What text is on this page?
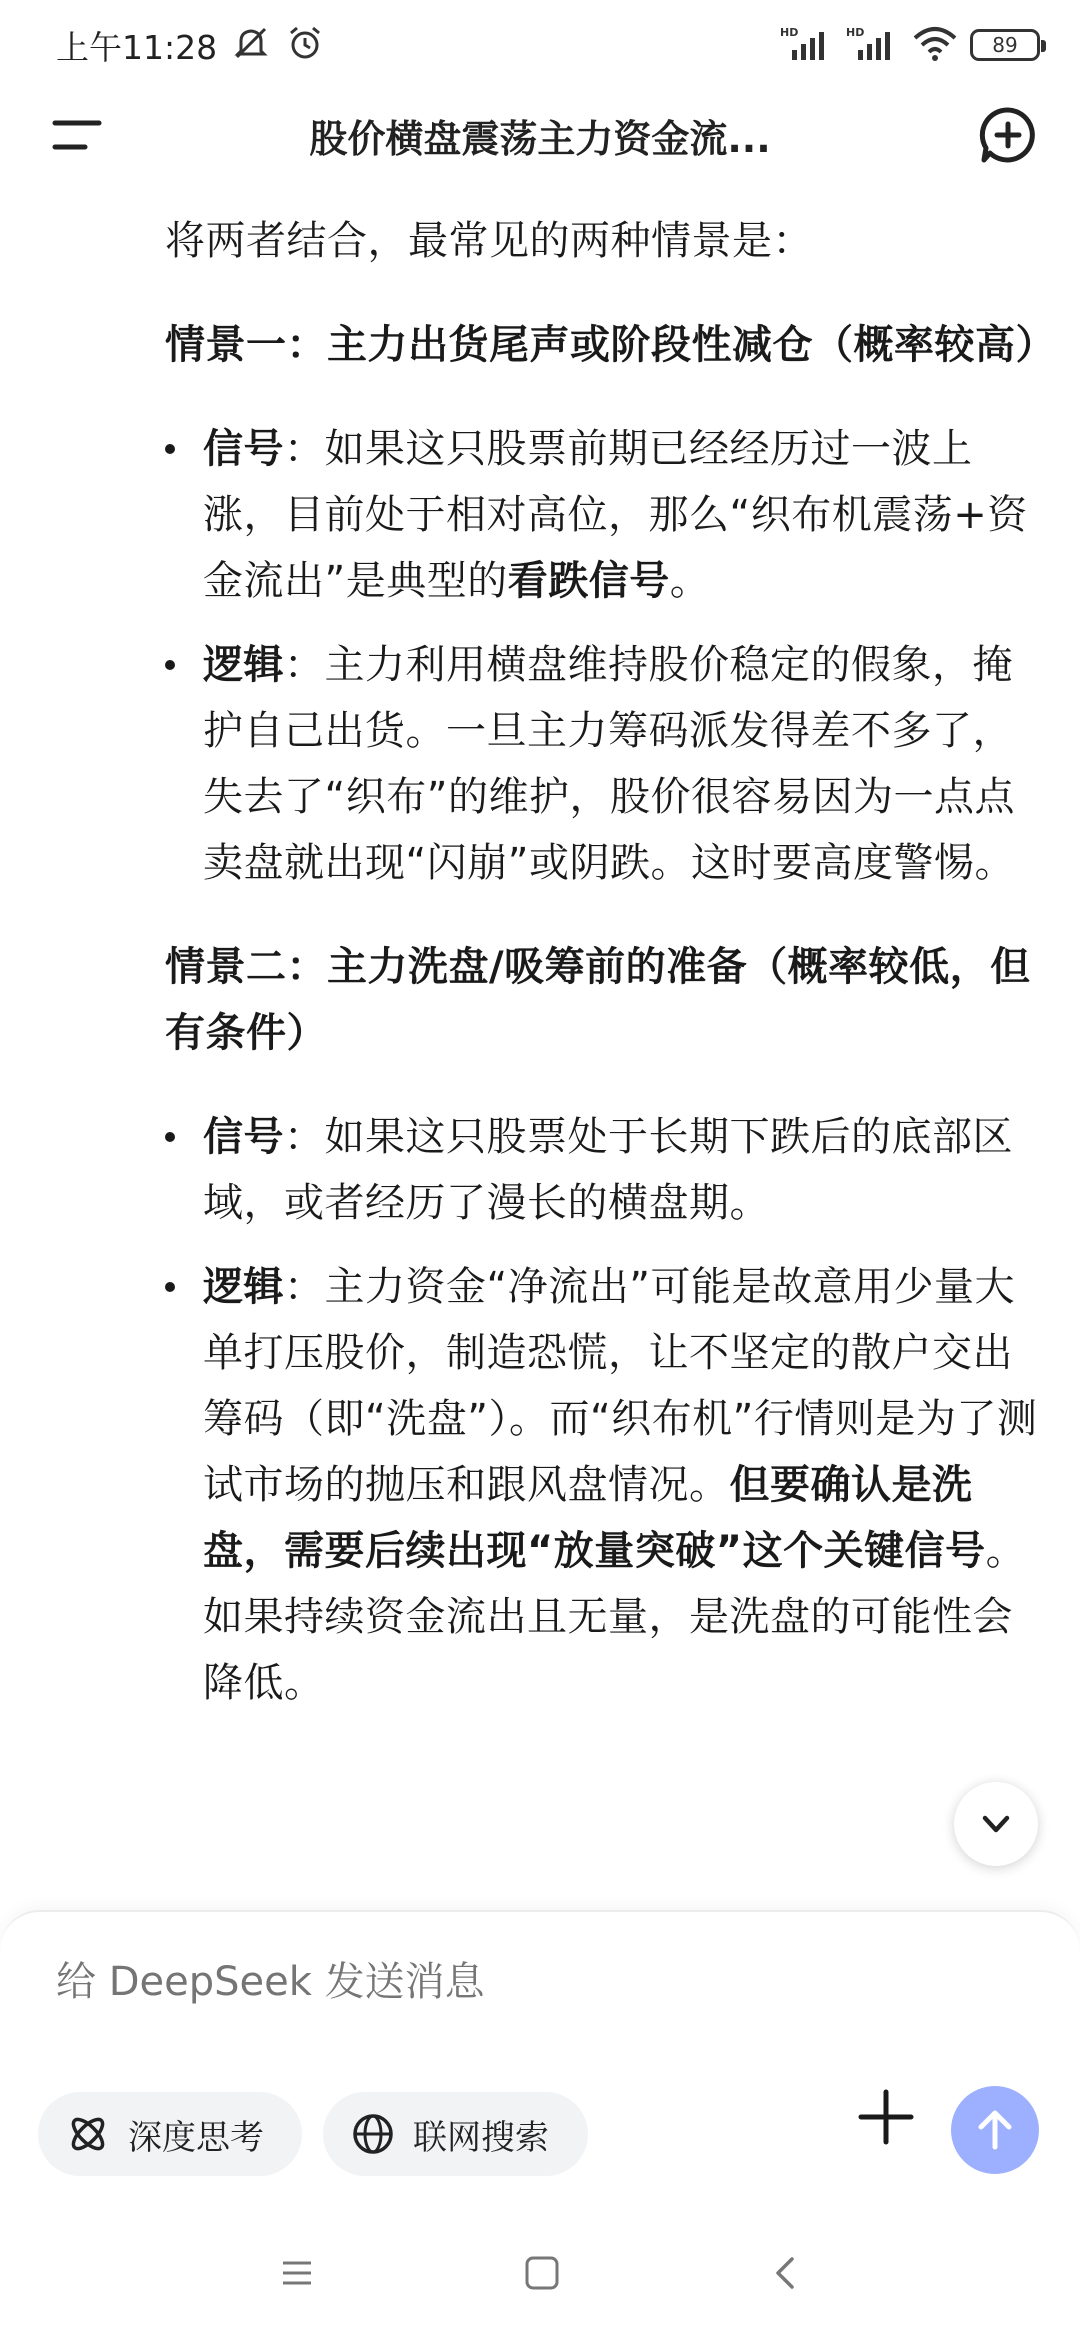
上午11:28	HD	HD
89
股价横盘震荡主力资金流...

将两者结合，最常见的两种情景是：

情景一：主力出货尾声或阶段性减仓（概率较高）

信号：如果这只股票前期已经经历过一波上涨，目前处于相对高位，那么“织布机震荡+资金流出”是典型的看跌信号。
逻辑：主力利用横盘维持股价稳定的假象，掩护自己出货。一旦主力筹码派发得差不多了，失去了“织布”的维护，股价很容易因为一点点卖盘就出现“闪崩”或阴跌。这时要高度警惕。

情景二：主力洗盘/吸筹前的准备（概率较低，但有条件）

信号：如果这只股票处于长期下跌后的底部区域，或者经历了漫长的横盘期。
逻辑：主力资金“净流出”可能是故意用少量大单打压股价，制造恐慌，让不坚定的散户交出筹码（即“洗盘”）。而“织布机”行情则是为了测试市场的抛压和跟风盘情况。但要确认是洗盘，需要后续出现“放量突破”这个关键信号。如果持续资金流出且无量，是洗盘的可能性会降低。
给 DeepSeek 发送消息
深度思考	联网搜索
